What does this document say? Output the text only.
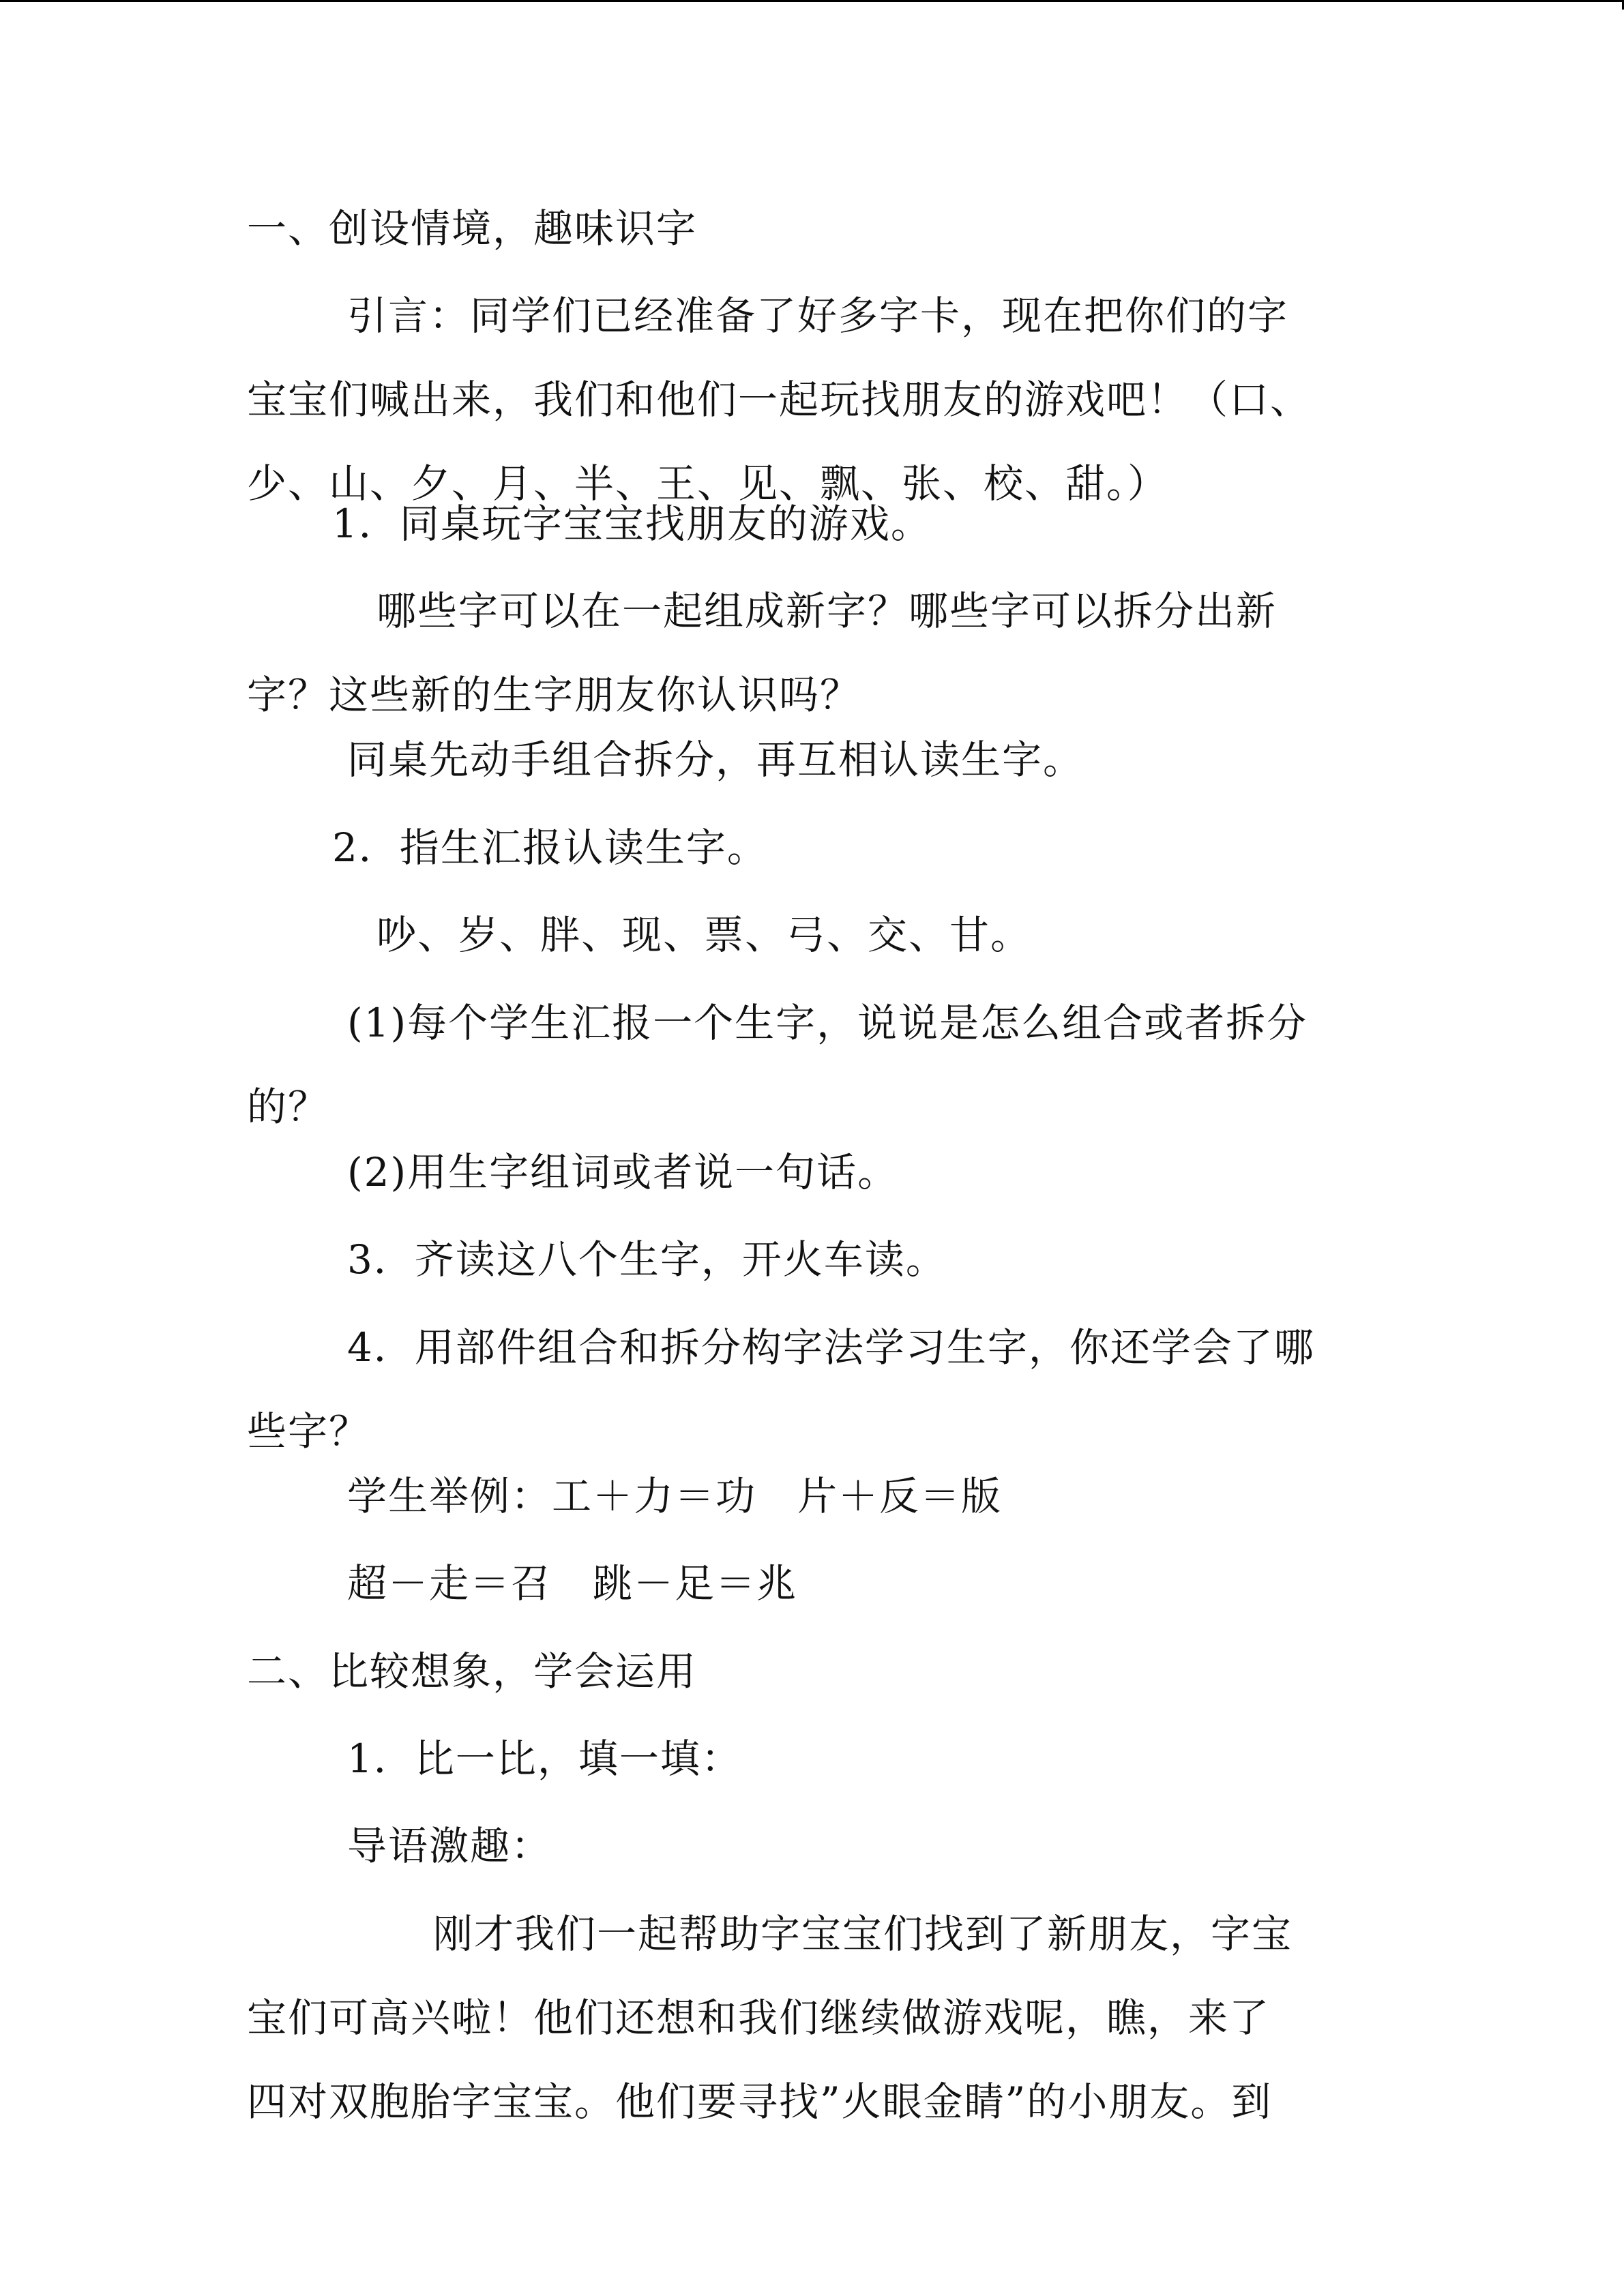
一、创设情境，趣味识字
引言：同学们已经准备了好多字卡，现在把你们的字
宝宝们喊出来，我们和他们一起玩找朋友的游戏吧！（口、
少、山、夕、月、半、王、见、飘、张、校、甜。）
1．同桌玩字宝宝找朋友的游戏。
哪些字可以在一起组成新字？哪些字可以拆分出新
字？这些新的生字朋友你认识吗？
同桌先动手组合拆分，再互相认读生字。
2．指生汇报认读生字。
吵、岁、胖、现、票、弓、交、甘。
(1)每个学生汇报一个生字，说说是怎么组合或者拆分
的？
(2)用生字组词或者说一句话。
3．齐读这八个生字，开火车读。
4．用部件组合和拆分构字法学习生字，你还学会了哪
些字？
学生举例：工＋力＝功　片＋反＝版
超－走＝召　跳－足＝兆
二、比较想象，学会运用
1．比一比，填一填：
导语激趣：
刚才我们一起帮助字宝宝们找到了新朋友，字宝
宝们可高兴啦！他们还想和我们继续做游戏呢，瞧，来了
四对双胞胎字宝宝。他们要寻找”火眼金睛”的小朋友。到
